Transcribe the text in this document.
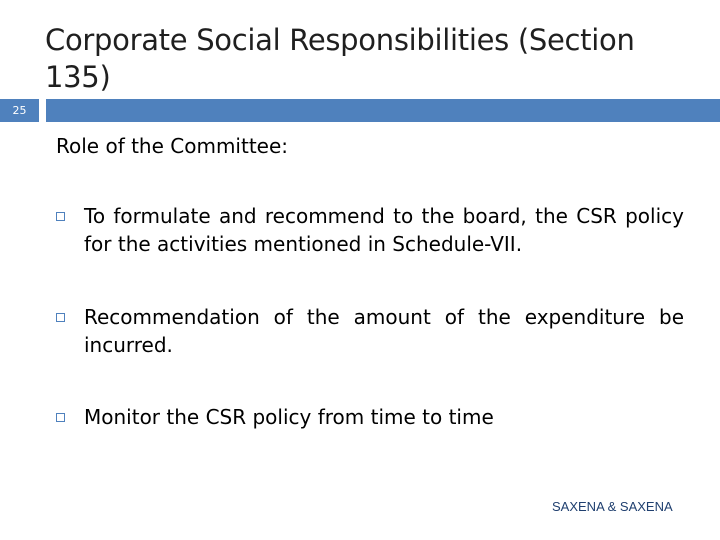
Corporate Social Responsibilities (Section 135)
25
Role of the Committee:
To formulate and recommend to the board, the CSR policy for the activities mentioned in Schedule-VII.
Recommendation of the amount of the expenditure be incurred.
Monitor the CSR policy from time to time
SAXENA & SAXENA
